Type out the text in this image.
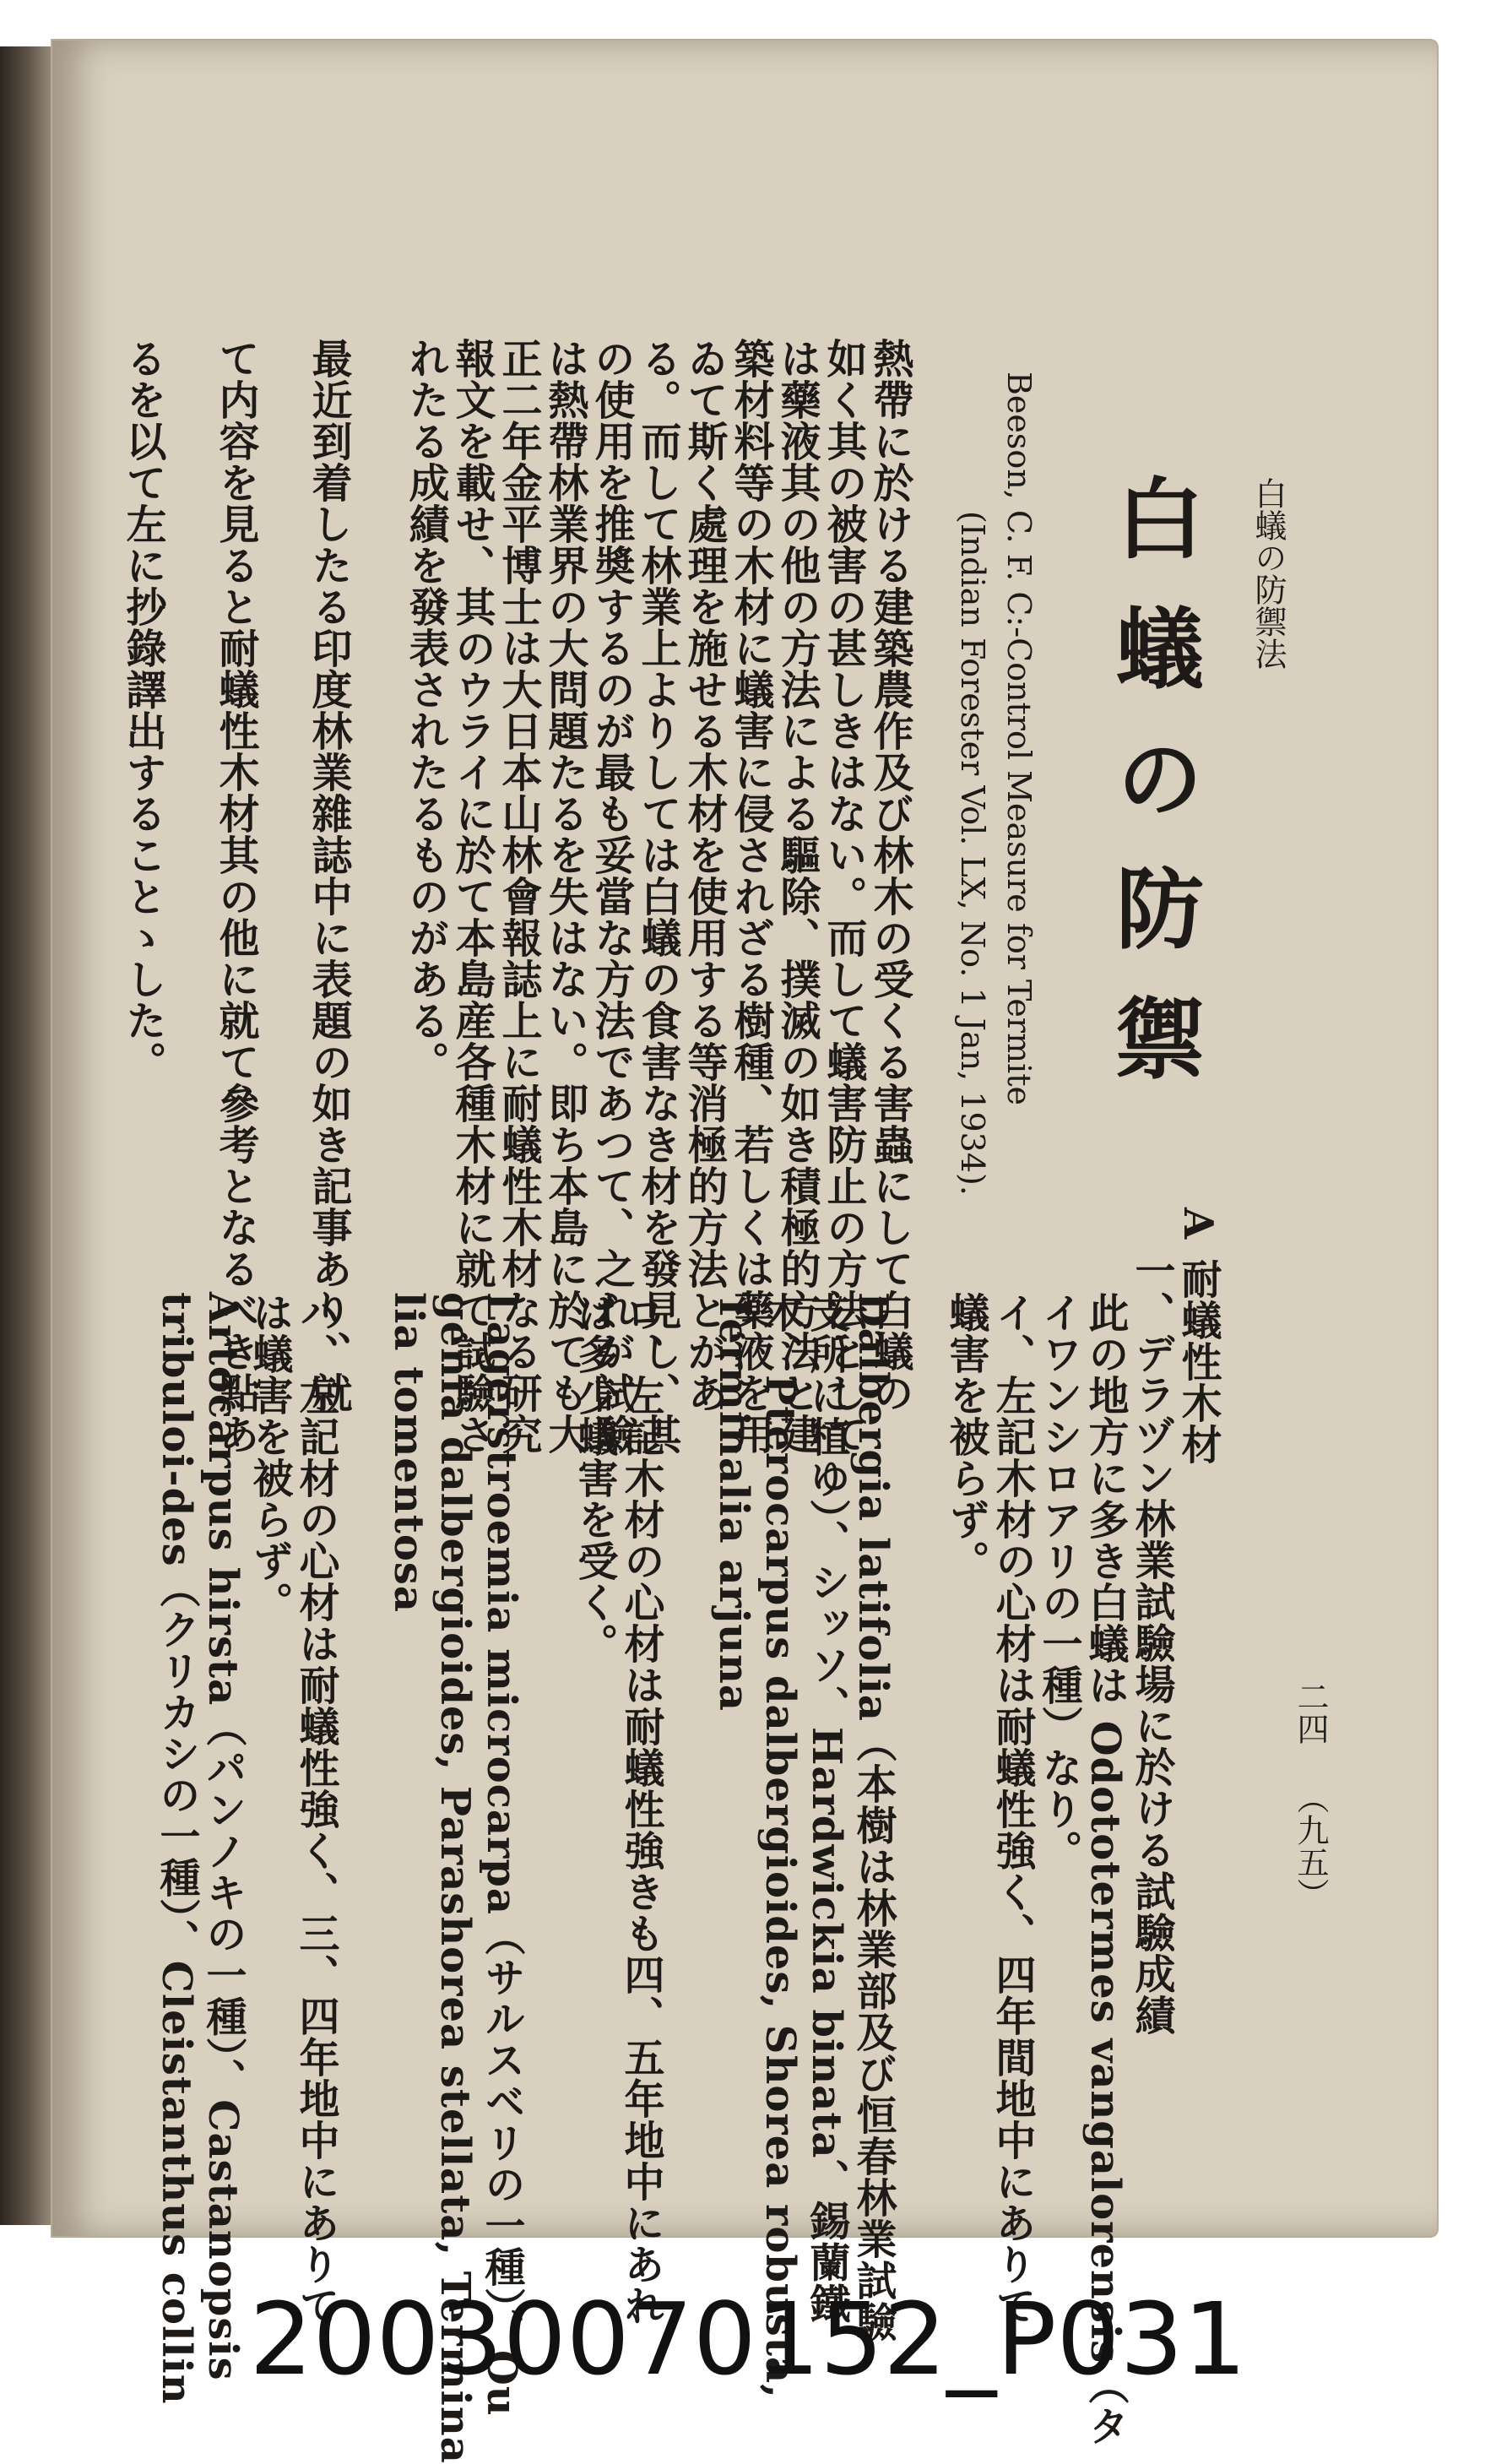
白蟻の防禦法
白蟻の防禦
Beeson, C. F. C:-Control Measure for Termite
(Indian Forester Vol. LX, No. 1 Jan, 1934).
熱帶に於ける建築農作及び林木の受くる害蟲にして白蟻の
如く其の被害の甚しきはない。而して蟻害防止の方法として
は藥液其の他の方法による驅除、撲滅の如き積極的方法と建
築材料等の木材に蟻害に侵されざる樹種、若しくは藥液を用
ゐて斯く處理を施せる木材を使用する等消極的方法とがあ
る。而して林業上よりしては白蟻の食害なき材を發見し、其
の使用を推奬するのが最も妥當な方法であつて、之れが試驗
は熱帶林業界の大問題たるを失はない。即ち本島に於ても大
正二年金平博士は大日本山林會報誌上に耐蟻性木材なる研究
報文を載せ、其のウライに於て本島産各種木材に就て試驗さ
れたる成績を發表されたるものがある。
最近到着したる印度林業雜誌中に表題の如き記事あり、就
て内容を見ると耐蟻性木材其の他に就て參考となるべき點あ
るを以て左に抄錄譯出することゝした。
A
耐蟻性木材
一、デラヅン林業試驗場に於ける試驗成績
此の地方に多き白蟻は Odototermes vangalorensis（タ
イワンシロアリの一種）なり。
イ、左記木材の心材は耐蟻性強く、四年間地中にありて
蟻害を被らず。
Dalbergia latifolia（本樹は林業部及び恒春林業試驗
支所に植ゆ）、シッソ、Hardwickia binata、錫蘭鐵
木、Pterocarpus dalbergioides, Shorea robusta,
Terminalia arjuna
ロ、左記木材の心材は耐蟻性強きも四、五年地中にあれ
ば多少蟻害を受く。
Lagerstroemia microcarpa（サルスベリの一種）、Ou
genia dalbergioides, Parashorea stellata, Termina
lia tomentosa
ハ、左記材の心材は耐蟻性強く、三、四年地中にありて
は蟻害を被らず。
Artocarpus hirsta（パンノキの一種）、Castanopsis
tribuloi-des（クリカシの一種）、Cleistanthus collin	二四
（九五）
20030070152_P031
